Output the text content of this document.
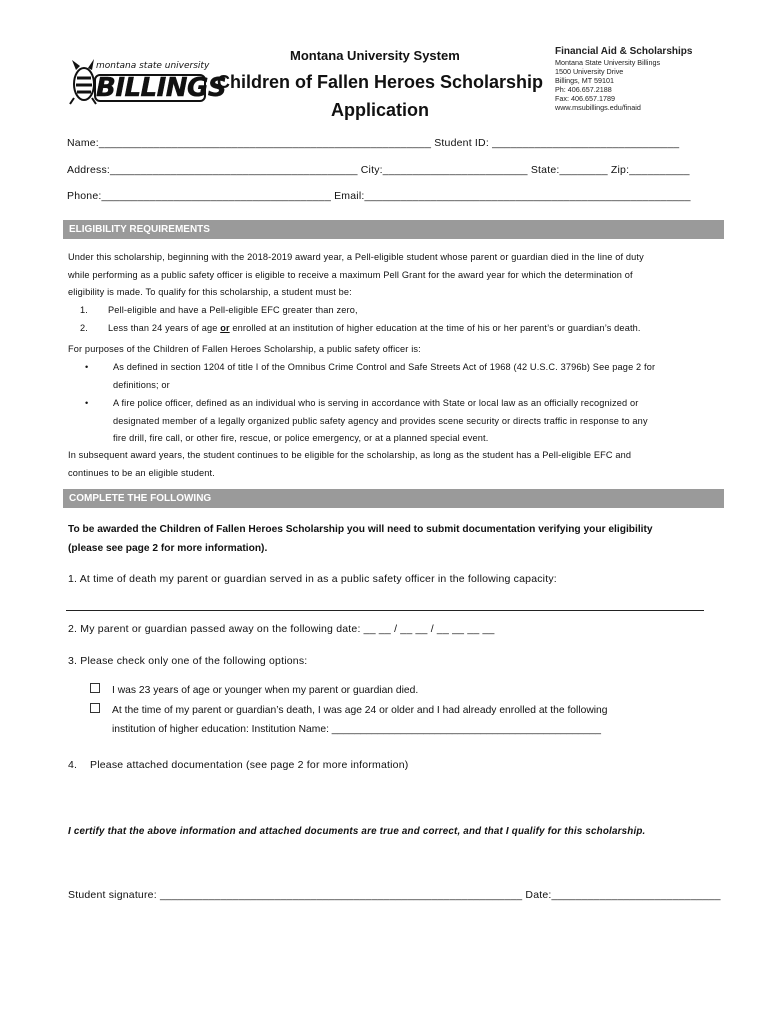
montana state university
BILLINGS
Montana University System
Children of Fallen Heroes Scholarship
Application
Financial Aid & Scholarships
Montana State University Billings
1500 University Drive
Billings, MT 59101
Ph: 406.657.2188
Fax: 406.657.1789
www.msubillings.edu/finaid
Name:_______________________________________________________ Student ID: _______________________________
Address:_________________________________________ City:________________________ State:________ Zip:__________
Phone:______________________________________ Email:______________________________________________________
ELIGIBILITY REQUIREMENTS
Under this scholarship, beginning with the 2018-2019 award year, a Pell-eligible student whose parent or guardian died in the line of duty
while performing as a public safety officer is eligible to receive a maximum Pell Grant for the award year for which the determination of
eligibility is made. To qualify for this scholarship, a student must be:
1. Pell-eligible and have a Pell-eligible EFC greater than zero,
2. Less than 24 years of age or enrolled at an institution of higher education at the time of his or her parent’s or guardian’s death.
For purposes of the Children of Fallen Heroes Scholarship, a public safety officer is:
•	As defined in section 1204 of title I of the Omnibus Crime Control and Safe Streets Act of 1968 (42 U.S.C. 3796b) See page 2 for
definitions; or
•	A fire police officer, defined as an individual who is serving in accordance with State or local law as an officially recognized or
designated member of a legally organized public safety agency and provides scene security or directs traffic in response to any
fire drill, fire call, or other fire, rescue, or police emergency, or at a planned special event.
In subsequent award years, the student continues to be eligible for the scholarship, as long as the student has a Pell-eligible EFC and
continues to be an eligible student.
COMPLETE THE FOLLOWING
To be awarded the Children of Fallen Heroes Scholarship you will need to submit documentation verifying your eligibility
(please see page 2 for more information).
1. At time of death my parent or guardian served in as a public safety officer in the following capacity:
2. My parent or guardian passed away on the following date: __ __ / __ __ / __ __ __ __
3. Please check only one of the following options:
I was 23 years of age or younger when my parent or guardian died.
At the time of my parent or guardian’s death, I was age 24 or older and I had already enrolled at the following
institution of higher education: Institution Name: _______________________________________________
4. Please attached documentation (see page 2 for more information)
I certify that the above information and attached documents are true and correct, and that I qualify for this scholarship.
Student signature: ____________________________________________________________ Date:____________________________
